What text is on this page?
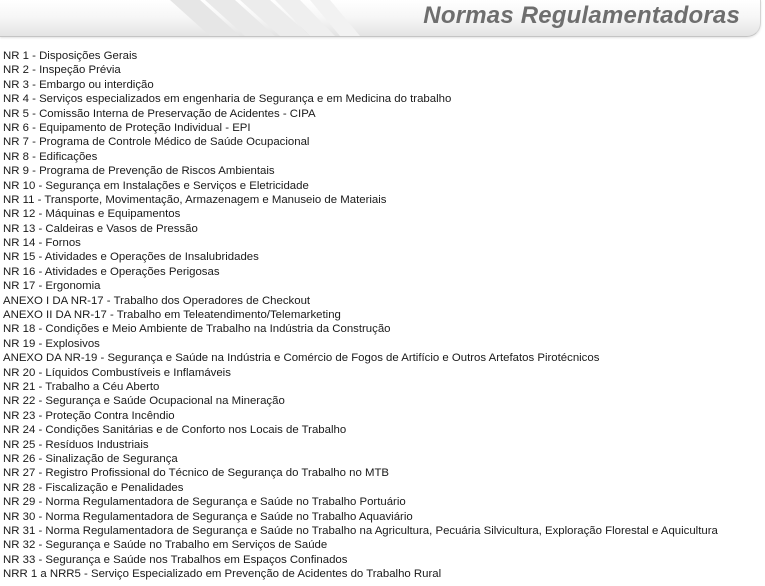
Normas Regulamentadoras
NR 1 - Disposições Gerais
NR 2 - Inspeção Prévia
NR 3 - Embargo ou interdição
NR 4 - Serviços especializados em engenharia de Segurança e em Medicina do trabalho
NR 5 - Comissão Interna de Preservação de Acidentes - CIPA
NR 6 - Equipamento de Proteção Individual - EPI
NR 7 - Programa de Controle Médico de Saúde Ocupacional
NR 8 - Edificações
NR 9 - Programa de Prevenção de Riscos Ambientais
NR 10 - Segurança em Instalações e Serviços e Eletricidade
NR 11 - Transporte, Movimentação, Armazenagem e Manuseio de Materiais
NR 12 - Máquinas e Equipamentos
NR 13 - Caldeiras e Vasos de Pressão
NR 14 - Fornos
NR 15 - Atividades e Operações de Insalubridades
NR 16 - Atividades e Operações Perigosas
NR 17 - Ergonomia
ANEXO I DA NR-17 - Trabalho dos Operadores de Checkout
ANEXO II DA NR-17 - Trabalho em Teleatendimento/Telemarketing
NR 18 - Condições e Meio Ambiente de Trabalho na Indústria da Construção
NR 19 - Explosivos
ANEXO DA NR-19 - Segurança e Saúde na Indústria e Comércio de Fogos de Artifício e Outros Artefatos Pirotécnicos
NR 20 - Líquidos Combustíveis e Inflamáveis
NR 21 - Trabalho a Céu Aberto
NR 22 - Segurança e Saúde Ocupacional na Mineração
NR 23 - Proteção Contra Incêndio
NR 24 - Condições Sanitárias e de Conforto nos Locais de Trabalho
NR 25 - Resíduos Industriais
NR 26 - Sinalização de Segurança
NR 27 - Registro Profissional do Técnico de Segurança do Trabalho no MTB
NR 28 - Fiscalização e Penalidades
NR 29 - Norma Regulamentadora de Segurança e Saúde no Trabalho Portuário
NR 30 - Norma Regulamentadora de Segurança e Saúde no Trabalho Aquaviário
NR 31 - Norma Regulamentadora de Segurança e Saúde no Trabalho na Agricultura, Pecuária Silvicultura, Exploração Florestal e Aquicultura
NR 32 - Segurança e Saúde no Trabalho em Serviços de Saúde
NR 33 - Segurança e Saúde nos Trabalhos em Espaços Confinados
NRR 1 a NRR5 - Serviço Especializado em Prevenção de Acidentes do Trabalho Rural
